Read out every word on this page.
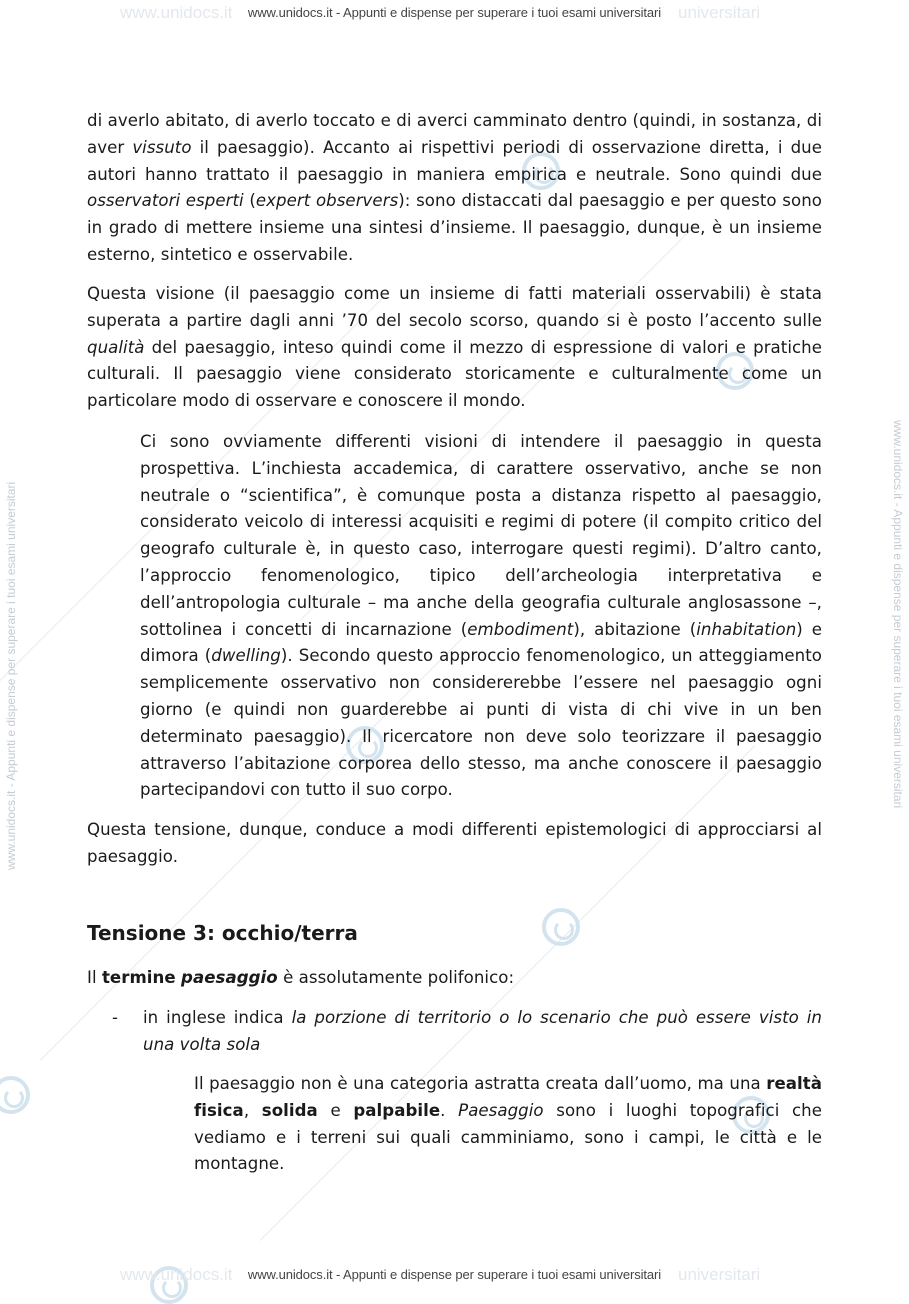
www.unidocs.it	universitari
www.unidocs.it	universitari
www.unidocs.it - Appunti e dispense per superare i tuoi esami universitari	www.unidocs.it - Appunti e dispense per superare i tuoi esami universitari
www.unidocs.it - Appunti e dispense per superare i tuoi esami universitari
www.unidocs.it - Appunti e dispense per superare i tuoi esami universitari

di averlo abitato, di averlo toccato e di averci camminato dentro (quindi, in sostanza, di aver vissuto il paesaggio). Accanto ai rispettivi periodi di osservazione diretta, i due autori hanno trattato il paesaggio in maniera empirica e neutrale. Sono quindi due osservatori esperti (expert observers): sono distaccati dal paesaggio e per questo sono in grado di mettere insieme una sintesi d’insieme. Il paesaggio, dunque, è un insieme esterno, sintetico e osservabile.

Questa visione (il paesaggio come un insieme di fatti materiali osservabili) è stata superata a partire dagli anni ’70 del secolo scorso, quando si è posto l’accento sulle qualità del paesaggio, inteso quindi come il mezzo di espressione di valori e pratiche culturali. Il paesaggio viene considerato storicamente e culturalmente come un particolare modo di osservare e conoscere il mondo.

Ci sono ovviamente differenti visioni di intendere il paesaggio in questa prospettiva. L’inchiesta accademica, di carattere osservativo, anche se non neutrale o “scientifica”, è comunque posta a distanza rispetto al paesaggio, considerato veicolo di interessi acquisiti e regimi di potere (il compito critico del geografo culturale è, in questo caso, interrogare questi regimi). D’altro canto, l’approccio fenomenologico, tipico dell’archeologia interpretativa e dell’antropologia culturale – ma anche della geografia culturale anglosassone –, sottolinea i concetti di incarnazione (embodiment), abitazione (inhabitation) e dimora (dwelling). Secondo questo approccio fenomenologico, un atteggiamento semplicemente osservativo non considererebbe l’essere nel paesaggio ogni giorno (e quindi non guarderebbe ai punti di vista di chi vive in un ben determinato paesaggio). Il ricercatore non deve solo teorizzare il paesaggio attraverso l’abitazione corporea dello stesso, ma anche conoscere il paesaggio partecipandovi con tutto il suo corpo.

Questa tensione, dunque, conduce a modi differenti epistemologici di approcciarsi al paesaggio.

Tensione 3: occhio/terra

Il termine paesaggio è assolutamente polifonico:

- in inglese indica la porzione di territorio o lo scenario che può essere visto in una volta sola

Il paesaggio non è una categoria astratta creata dall’uomo, ma una realtà fisica, solida e palpabile. Paesaggio sono i luoghi topografici che vediamo e i terreni sui quali camminiamo, sono i campi, le città e le montagne.
